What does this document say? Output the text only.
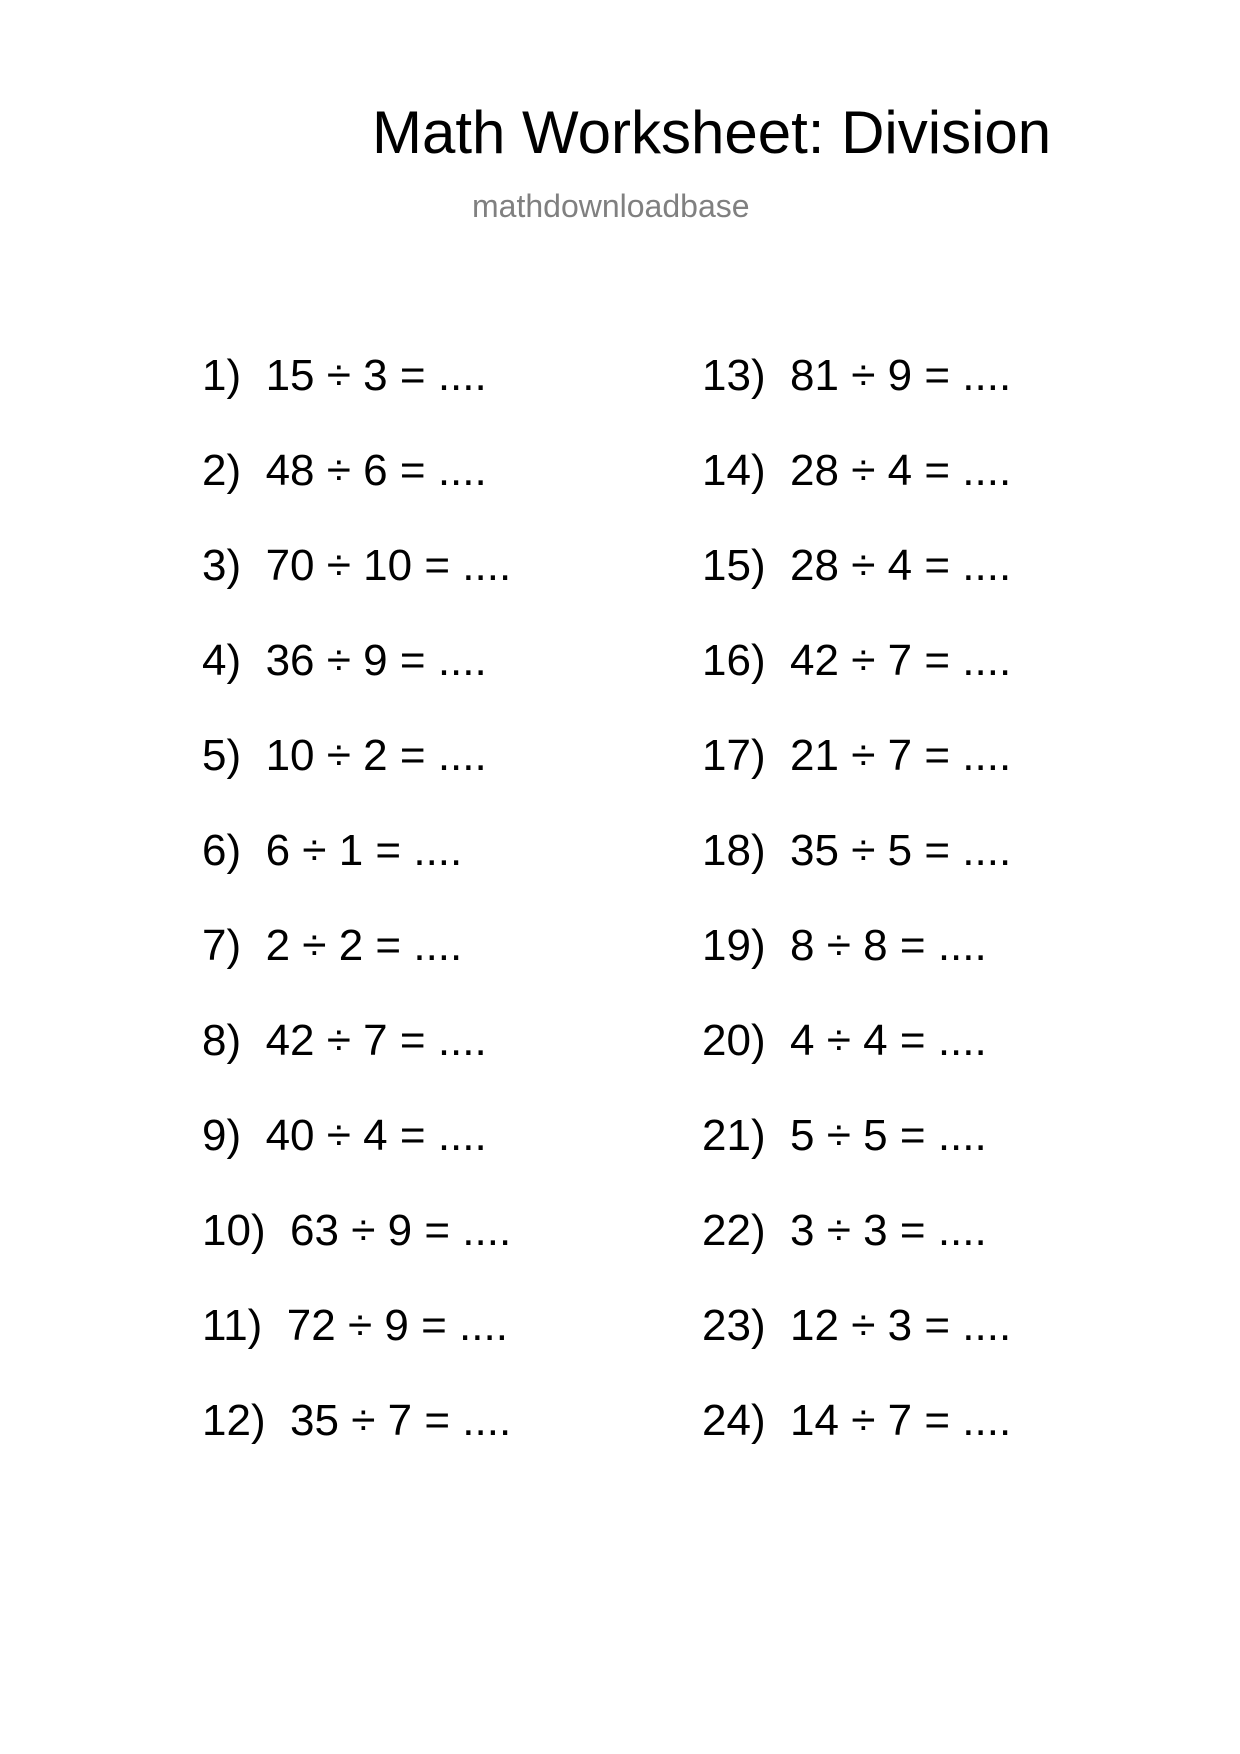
Math Worksheet: Division
mathdownloadbase
1) 15 ÷ 3 = ....
2) 48 ÷ 6 = ....
3) 70 ÷ 10 = ....
4) 36 ÷ 9 = ....
5) 10 ÷ 2 = ....
6) 6 ÷ 1 = ....
7) 2 ÷ 2 = ....
8) 42 ÷ 7 = ....
9) 40 ÷ 4 = ....
10) 63 ÷ 9 = ....
11) 72 ÷ 9 = ....
12) 35 ÷ 7 = ....
13) 81 ÷ 9 = ....
14) 28 ÷ 4 = ....
15) 28 ÷ 4 = ....
16) 42 ÷ 7 = ....
17) 21 ÷ 7 = ....
18) 35 ÷ 5 = ....
19) 8 ÷ 8 = ....
20) 4 ÷ 4 = ....
21) 5 ÷ 5 = ....
22) 3 ÷ 3 = ....
23) 12 ÷ 3 = ....
24) 14 ÷ 7 = ....
